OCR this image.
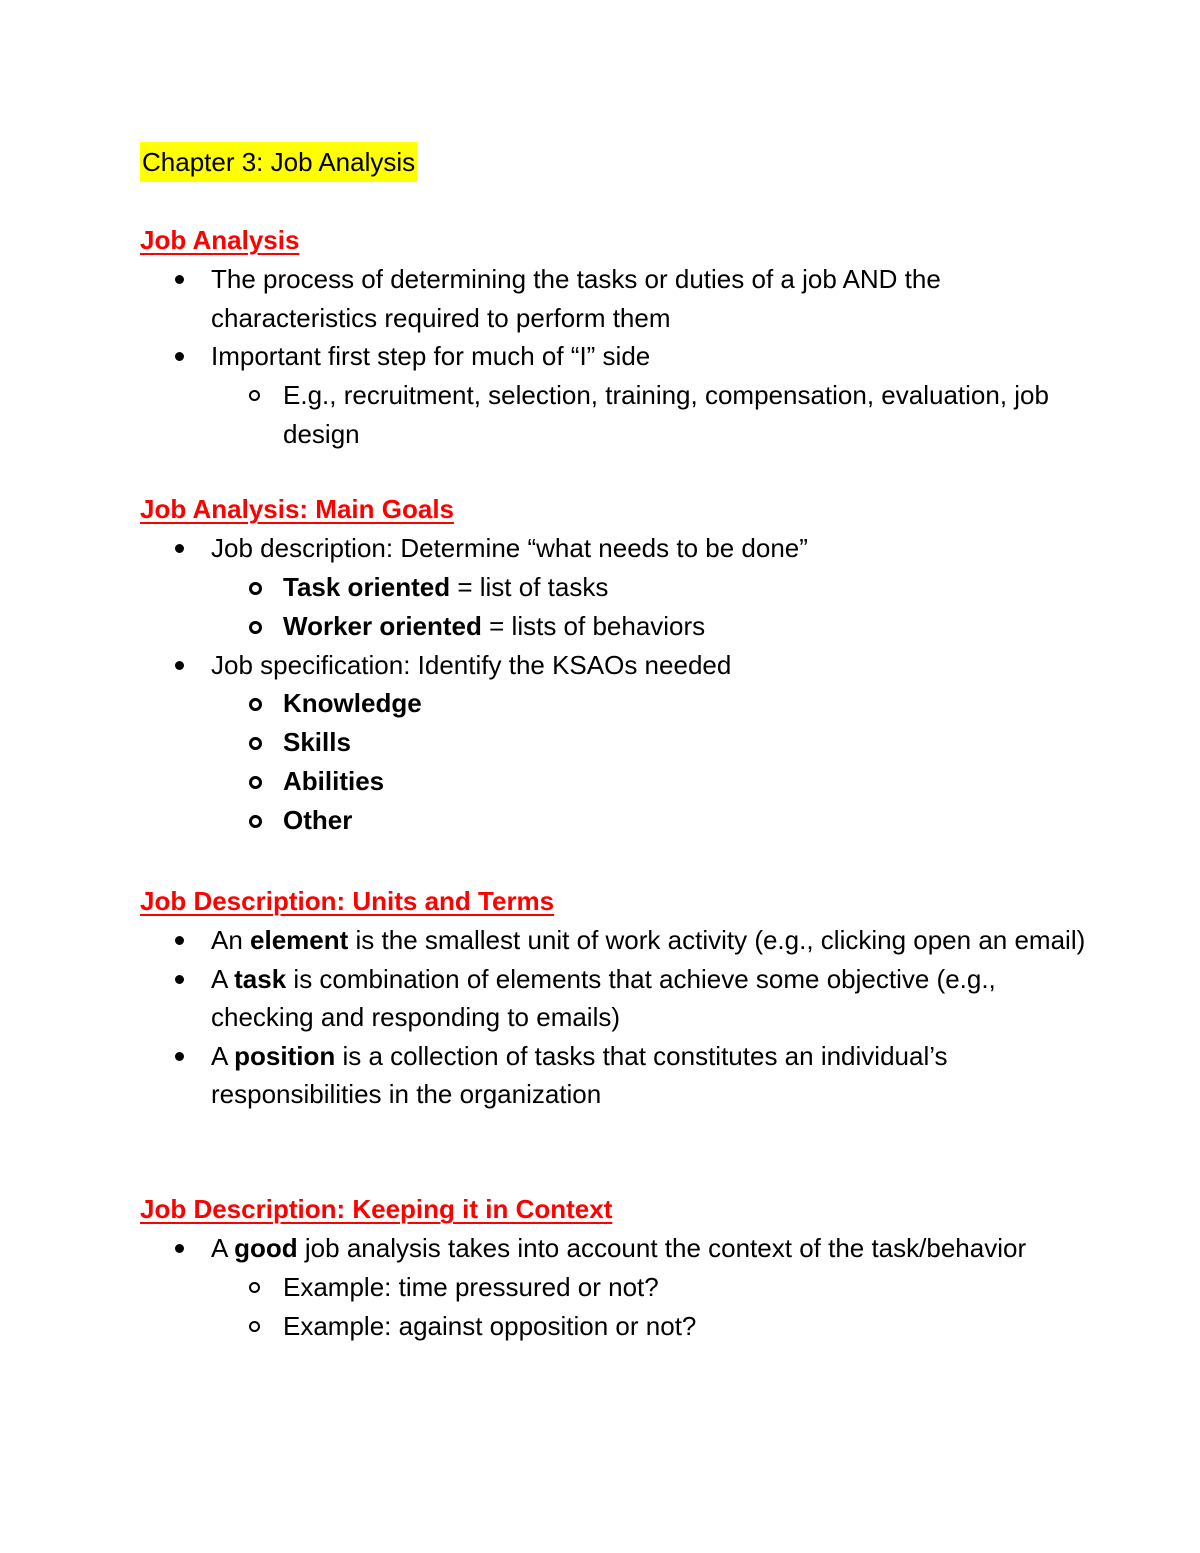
Chapter 3: Job Analysis
Job Analysis
The process of determining the tasks or duties of a job AND the characteristics required to perform them
Important first step for much of “I” side
E.g., recruitment, selection, training, compensation, evaluation, job design
Job Analysis: Main Goals
Job description: Determine “what needs to be done”
Task oriented = list of tasks
Worker oriented = lists of behaviors
Job specification: Identify the KSAOs needed
Knowledge
Skills
Abilities
Other
Job Description: Units and Terms
An element is the smallest unit of work activity (e.g., clicking open an email)
A task is combination of elements that achieve some objective (e.g., checking and responding to emails)
A position is a collection of tasks that constitutes an individual’s responsibilities in the organization
Job Description: Keeping it in Context
A good job analysis takes into account the context of the task/behavior
Example: time pressured or not?
Example: against opposition or not?
